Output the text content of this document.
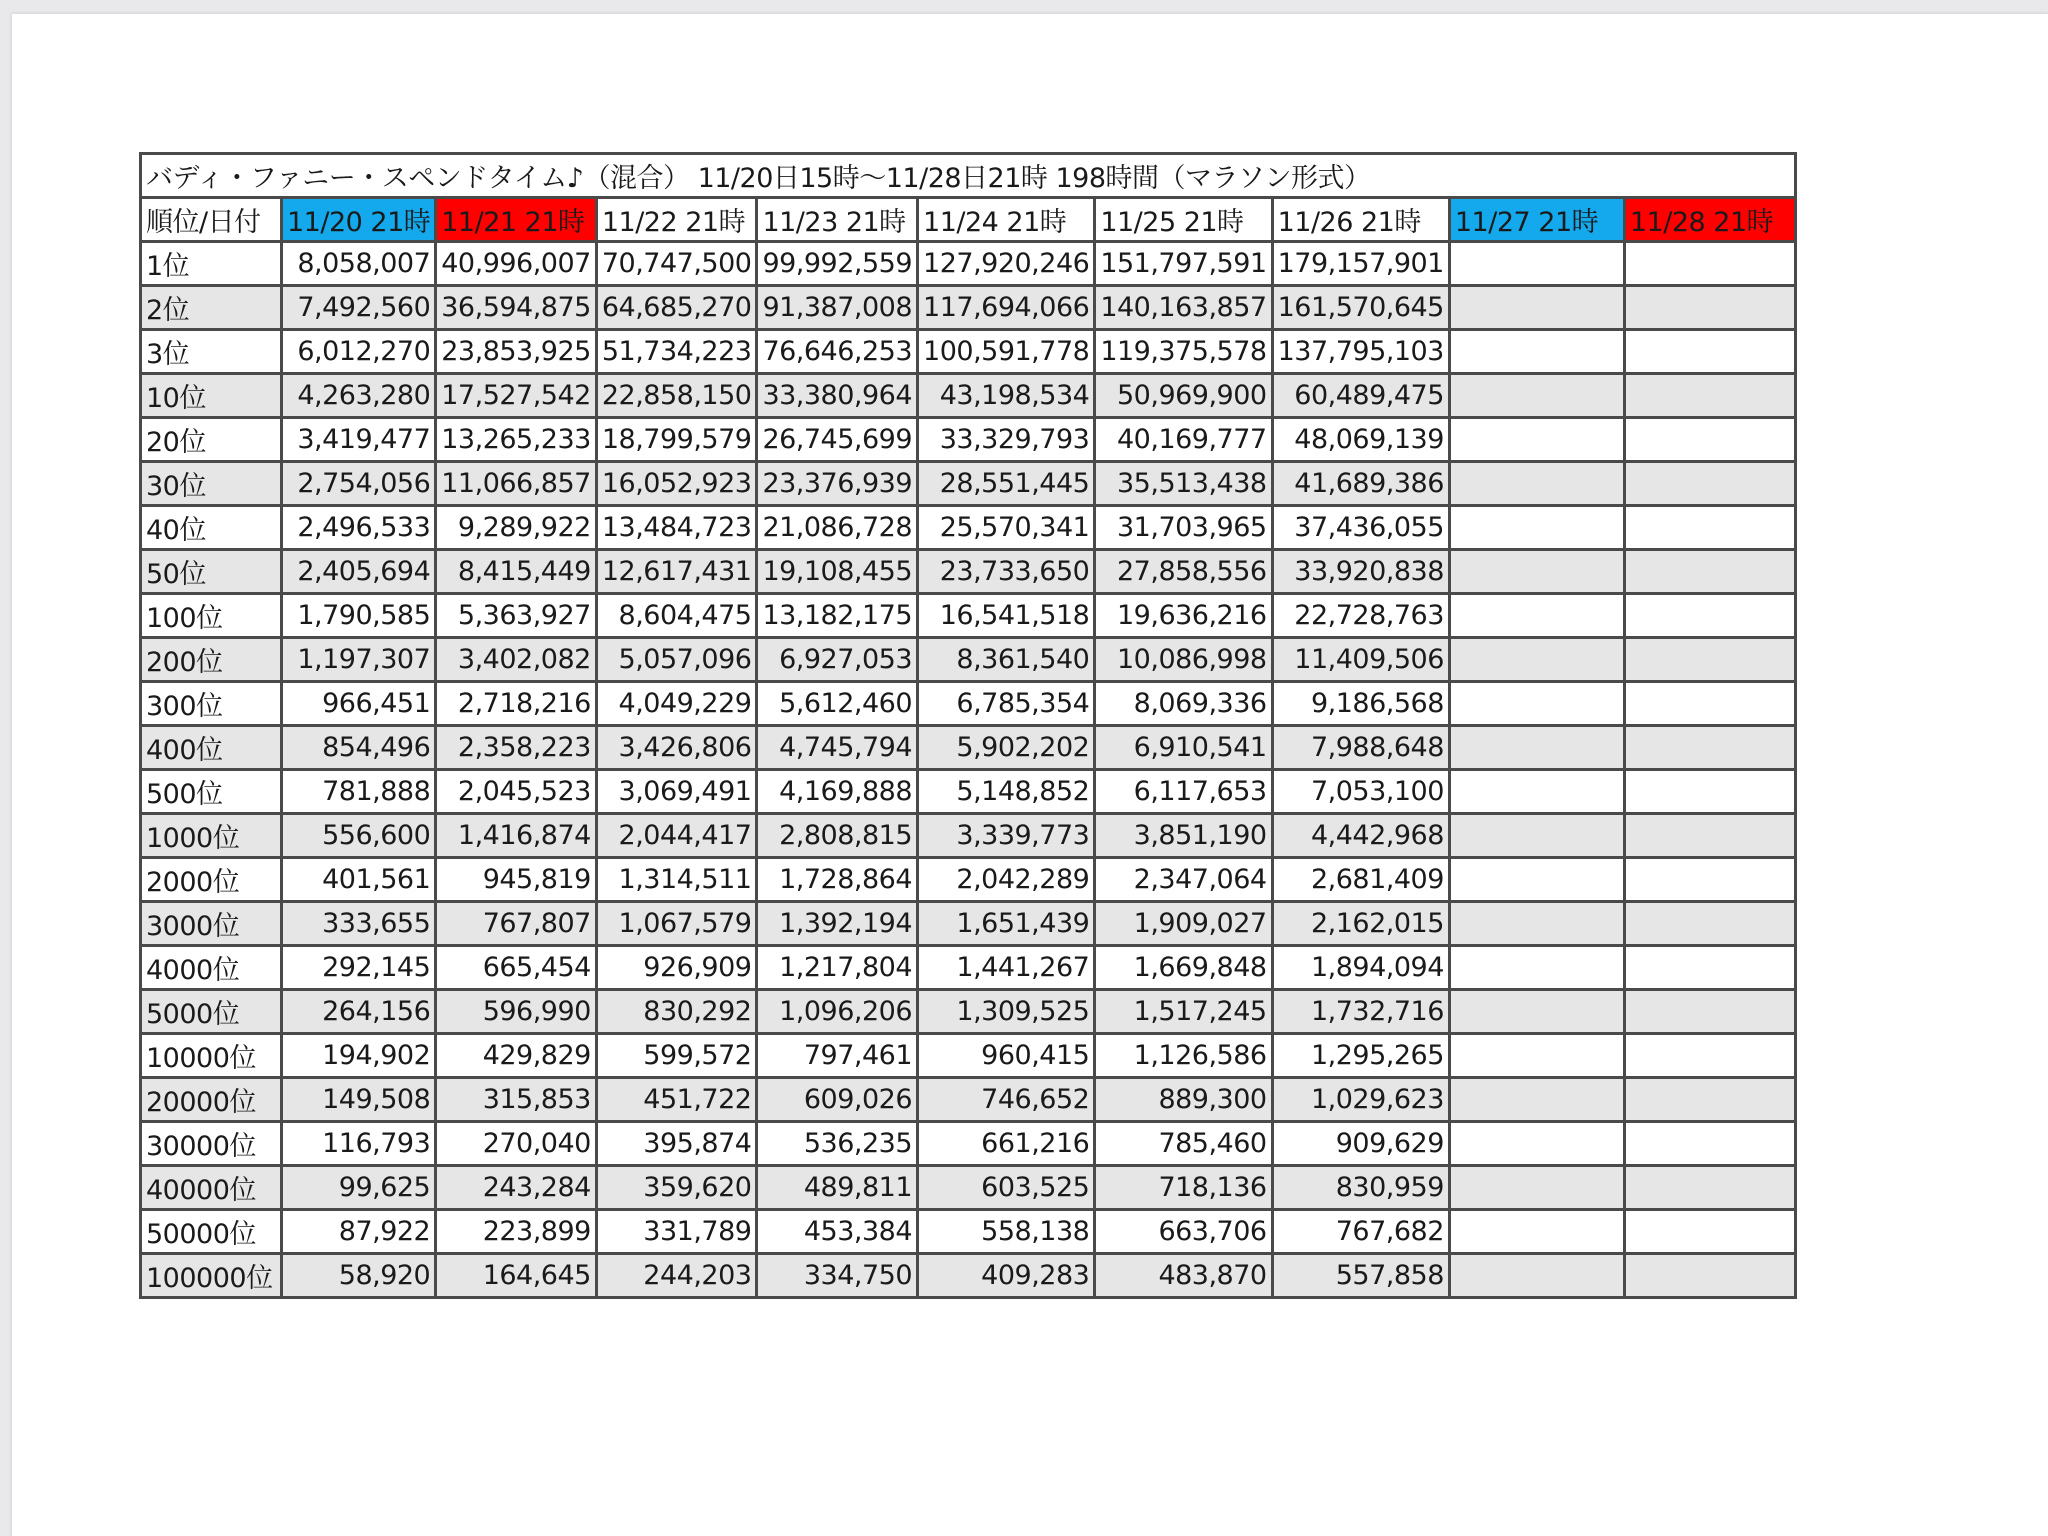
バディ・ファニー・スペンドタイム♪（混合） 11/20日15時～11/28日21時 198時間（マラソン形式）									
順位/日付	11/20 21時	11/21 21時	11/22 21時	11/23 21時	11/24 21時	11/25 21時	11/26 21時	11/27 21時	11/28 21時
1位	8,058,007	40,996,007	70,747,500	99,992,559	127,920,246	151,797,591	179,157,901		
2位	7,492,560	36,594,875	64,685,270	91,387,008	117,694,066	140,163,857	161,570,645		
3位	6,012,270	23,853,925	51,734,223	76,646,253	100,591,778	119,375,578	137,795,103		
10位	4,263,280	17,527,542	22,858,150	33,380,964	43,198,534	50,969,900	60,489,475		
20位	3,419,477	13,265,233	18,799,579	26,745,699	33,329,793	40,169,777	48,069,139		
30位	2,754,056	11,066,857	16,052,923	23,376,939	28,551,445	35,513,438	41,689,386		
40位	2,496,533	9,289,922	13,484,723	21,086,728	25,570,341	31,703,965	37,436,055		
50位	2,405,694	8,415,449	12,617,431	19,108,455	23,733,650	27,858,556	33,920,838		
100位	1,790,585	5,363,927	8,604,475	13,182,175	16,541,518	19,636,216	22,728,763		
200位	1,197,307	3,402,082	5,057,096	6,927,053	8,361,540	10,086,998	11,409,506		
300位	966,451	2,718,216	4,049,229	5,612,460	6,785,354	8,069,336	9,186,568		
400位	854,496	2,358,223	3,426,806	4,745,794	5,902,202	6,910,541	7,988,648		
500位	781,888	2,045,523	3,069,491	4,169,888	5,148,852	6,117,653	7,053,100		
1000位	556,600	1,416,874	2,044,417	2,808,815	3,339,773	3,851,190	4,442,968		
2000位	401,561	945,819	1,314,511	1,728,864	2,042,289	2,347,064	2,681,409		
3000位	333,655	767,807	1,067,579	1,392,194	1,651,439	1,909,027	2,162,015		
4000位	292,145	665,454	926,909	1,217,804	1,441,267	1,669,848	1,894,094		
5000位	264,156	596,990	830,292	1,096,206	1,309,525	1,517,245	1,732,716		
10000位	194,902	429,829	599,572	797,461	960,415	1,126,586	1,295,265		
20000位	149,508	315,853	451,722	609,026	746,652	889,300	1,029,623		
30000位	116,793	270,040	395,874	536,235	661,216	785,460	909,629		
40000位	99,625	243,284	359,620	489,811	603,525	718,136	830,959		
50000位	87,922	223,899	331,789	453,384	558,138	663,706	767,682		
100000位	58,920	164,645	244,203	334,750	409,283	483,870	557,858		
